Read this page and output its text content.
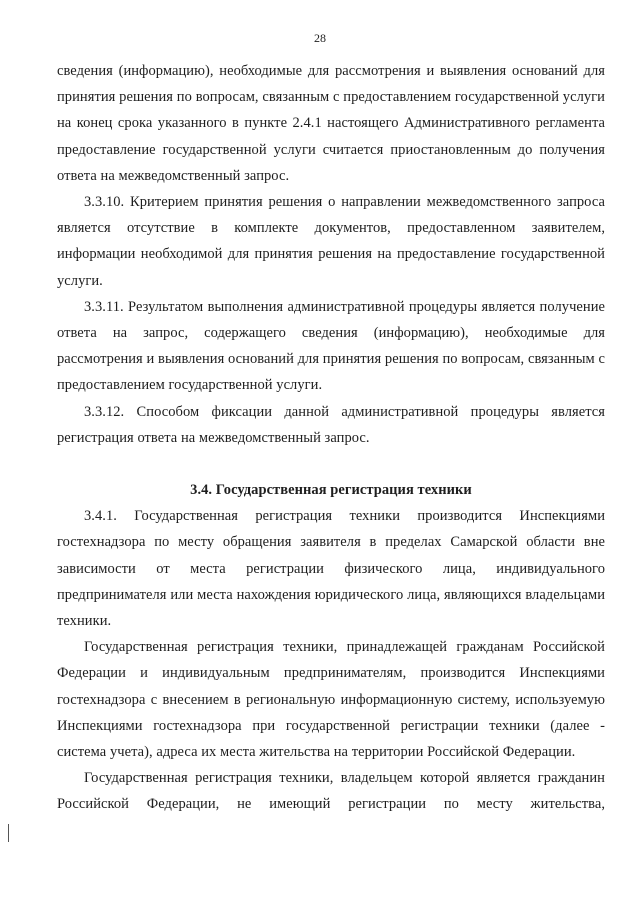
28

сведения (информацию), необходимые для рассмотрения и выявления оснований для принятия решения по вопросам, связанным с предоставлением государственной услуги на конец срока указанного в пункте 2.4.1 настоящего Административного регламента предоставление государственной услуги считается приостановленным до получения ответа на межведомственный запрос.

3.3.10. Критерием принятия решения о направлении межведомственного запроса является отсутствие в комплекте документов, предоставленном заявителем, информации необходимой для принятия решения на предоставление государственной услуги.

3.3.11. Результатом выполнения административной процедуры является получение ответа на запрос, содержащего сведения (информацию), необходимые для рассмотрения и выявления оснований для принятия решения по вопросам, связанным с предоставлением государственной услуги.

3.3.12. Способом фиксации данной административной процедуры является регистрация ответа на межведомственный запрос.

3.4. Государственная регистрация техники

3.4.1. Государственная регистрация техники производится Инспекциями гостехнадзора по месту обращения заявителя в пределах Самарской области вне зависимости от места регистрации физического лица, индивидуального предпринимателя или места нахождения юридического лица, являющихся владельцами техники.

Государственная регистрация техники, принадлежащей гражданам Российской Федерации и индивидуальным предпринимателям, производится Инспекциями гостехнадзора с внесением в региональную информационную систему, используемую Инспекциями гостехнадзора при государственной регистрации техники (далее - система учета), адреса их места жительства на территории Российской Федерации.

Государственная регистрация техники, владельцем которой является гражданин Российской Федерации, не имеющий регистрации по месту жительства,
